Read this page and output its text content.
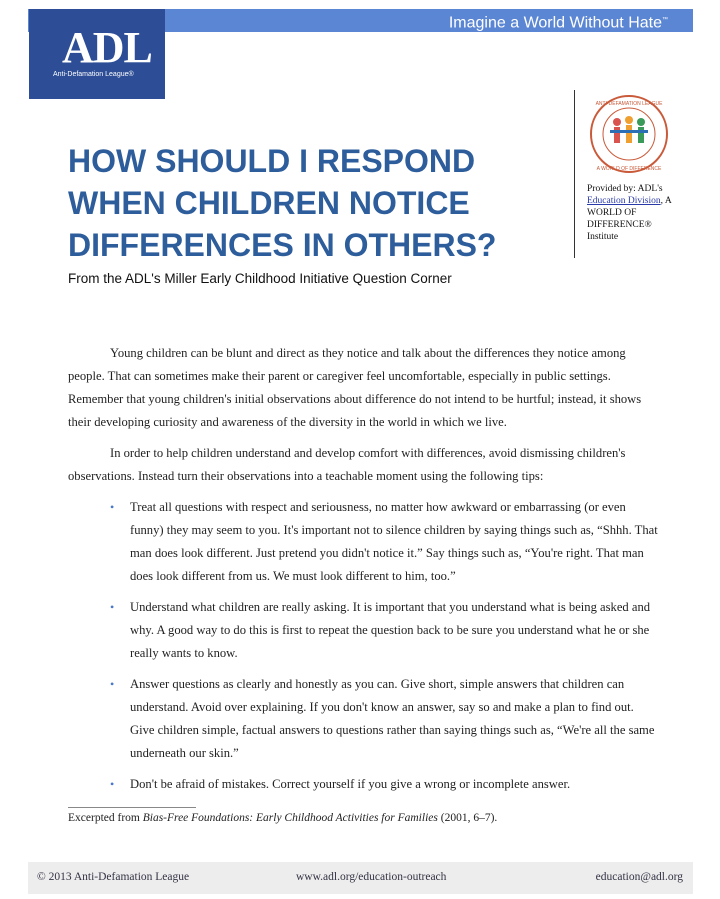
Imagine a World Without Hate™
ADL
Anti-Defamation League®
ANTI-DEFAMATION LEAGUE
A WORLD OF DIFFERENCE
Provided by: ADL's
Education Division, A WORLD OF
DIFFERENCE®
Institute
HOW SHOULD I RESPOND
WHEN CHILDREN NOTICE
DIFFERENCES IN OTHERS?
From the ADL's Miller Early Childhood Initiative Question Corner

Young children can be blunt and direct as they notice and talk about the differences they notice among people. That can sometimes make their parent or caregiver feel uncomfortable, especially in public settings. Remember that young children's initial observations about difference do not intend to be hurtful; instead, it shows their developing curiosity and awareness of the diversity in the world in which we live.

In order to help children understand and develop comfort with differences, avoid dismissing children's observations. Instead turn their observations into a teachable moment using the following tips:

• Treat all questions with respect and seriousness, no matter how awkward or embarrassing (or even funny) they may seem to you. It's important not to silence children by saying things such as, “Shhh. That man does look different. Just pretend you didn't notice it.” Say things such as, “You're right. That man does look different from us. We must look different to him, too.”
• Understand what children are really asking. It is important that you understand what is being asked and why. A good way to do this is first to repeat the question back to be sure you understand what he or she really wants to know.
• Answer questions as clearly and honestly as you can. Give short, simple answers that children can understand. Avoid over explaining. If you don't know an answer, say so and make a plan to find out. Give children simple, factual answers to questions rather than saying things such as, “We're all the same underneath our skin.”
• Don't be afraid of mistakes. Correct yourself if you give a wrong or incomplete answer.
Excerpted from Bias-Free Foundations: Early Childhood Activities for Families (2001, 6–7).
© 2013 Anti-Defamation League	www.adl.org/education-outreach	education@adl.org
